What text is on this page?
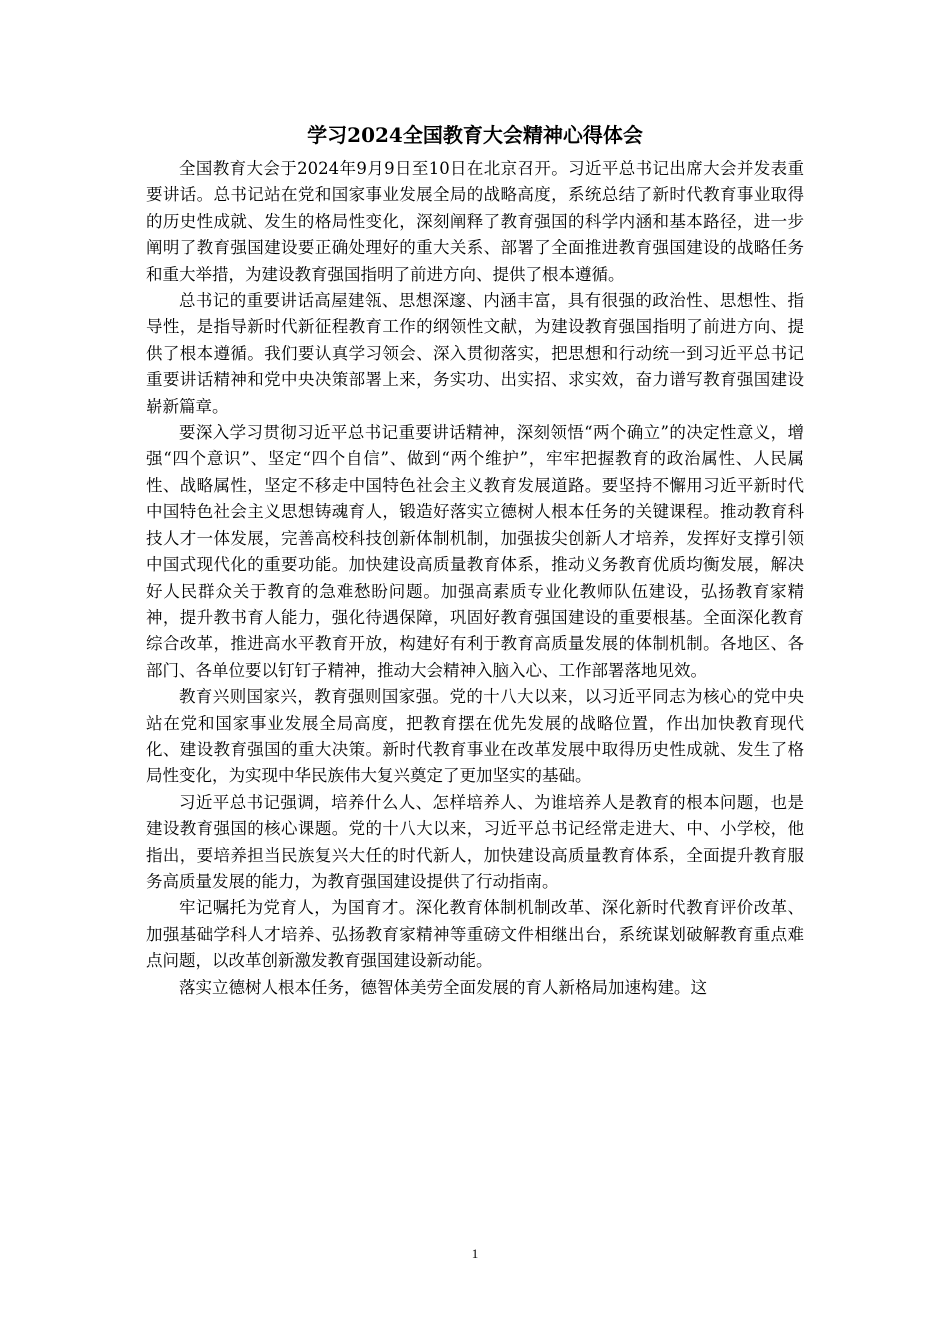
学习2024全国教育大会精神心得体会

全国教育大会于2024年9月9日至10日在北京召开。习近平总书记出席大会并发表重要讲话。总书记站在党和国家事业发展全局的战略高度，系统总结了新时代教育事业取得的历史性成就、发生的格局性变化，深刻阐释了教育强国的科学内涵和基本路径，进一步阐明了教育强国建设要正确处理好的重大关系、部署了全面推进教育强国建设的战略任务和重大举措，为建设教育强国指明了前进方向、提供了根本遵循。

总书记的重要讲话高屋建瓴、思想深邃、内涵丰富，具有很强的政治性、思想性、指导性，是指导新时代新征程教育工作的纲领性文献，为建设教育强国指明了前进方向、提供了根本遵循。我们要认真学习领会、深入贯彻落实，把思想和行动统一到习近平总书记重要讲话精神和党中央决策部署上来，务实功、出实招、求实效，奋力谱写教育强国建设崭新篇章。

要深入学习贯彻习近平总书记重要讲话精神，深刻领悟“两个确立”的决定性意义，增强“四个意识”、坚定“四个自信”、做到“两个维护”，牢牢把握教育的政治属性、人民属性、战略属性，坚定不移走中国特色社会主义教育发展道路。要坚持不懈用习近平新时代中国特色社会主义思想铸魂育人，锻造好落实立德树人根本任务的关键课程。推动教育科技人才一体发展，完善高校科技创新体制机制，加强拔尖创新人才培养，发挥好支撑引领中国式现代化的重要功能。加快建设高质量教育体系，推动义务教育优质均衡发展，解决好人民群众关于教育的急难愁盼问题。加强高素质专业化教师队伍建设，弘扬教育家精神，提升教书育人能力，强化待遇保障，巩固好教育强国建设的重要根基。全面深化教育综合改革，推进高水平教育开放，构建好有利于教育高质量发展的体制机制。各地区、各部门、各单位要以钉钉子精神，推动大会精神入脑入心、工作部署落地见效。

教育兴则国家兴，教育强则国家强。党的十八大以来，以习近平同志为核心的党中央站在党和国家事业发展全局高度，把教育摆在优先发展的战略位置，作出加快教育现代化、建设教育强国的重大决策。新时代教育事业在改革发展中取得历史性成就、发生了格局性变化，为实现中华民族伟大复兴奠定了更加坚实的基础。

习近平总书记强调，培养什么人、怎样培养人、为谁培养人是教育的根本问题，也是建设教育强国的核心课题。党的十八大以来，习近平总书记经常走进大、中、小学校，他指出，要培养担当民族复兴大任的时代新人，加快建设高质量教育体系，全面提升教育服务高质量发展的能力，为教育强国建设提供了行动指南。

牢记嘱托为党育人，为国育才。深化教育体制机制改革、深化新时代教育评价改革、加强基础学科人才培养、弘扬教育家精神等重磅文件相继出台，系统谋划破解教育重点难点问题，以改革创新激发教育强国建设新动能。

落实立德树人根本任务，德智体美劳全面发展的育人新格局加速构建。这

1
